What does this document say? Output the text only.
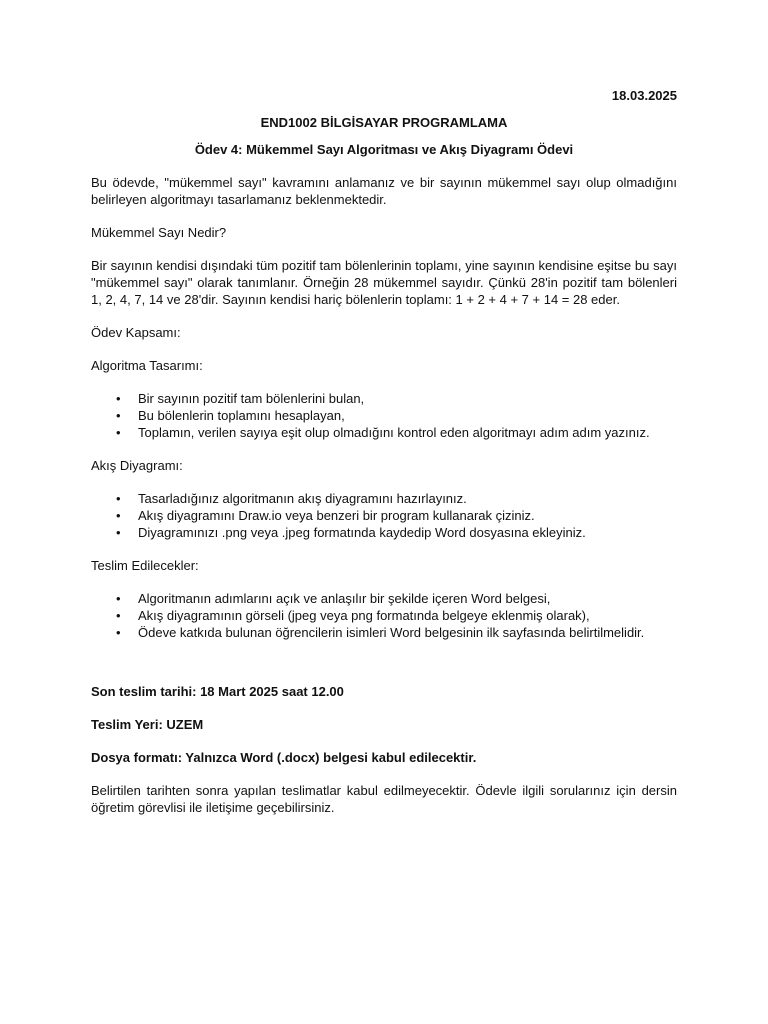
18.03.2025
END1002 BİLGİSAYAR PROGRAMLAMA
Ödev 4: Mükemmel Sayı Algoritması ve Akış Diyagramı Ödevi

Bu ödevde, "mükemmel sayı" kavramını anlamanız ve bir sayının mükemmel sayı olup olmadığını belirleyen algoritmayı tasarlamanız beklenmektedir.

Mükemmel Sayı Nedir?

Bir sayının kendisi dışındaki tüm pozitif tam bölenlerinin toplamı, yine sayının kendisine eşitse bu sayı "mükemmel sayı" olarak tanımlanır. Örneğin 28 mükemmel sayıdır. Çünkü 28'in pozitif tam bölenleri 1, 2, 4, 7, 14 ve 28'dir. Sayının kendisi hariç bölenlerin toplamı: 1 + 2 + 4 + 7 + 14 = 28 eder.

Ödev Kapsamı:
Algoritma Tasarımı:
• Bir sayının pozitif tam bölenlerini bulan,
• Bu bölenlerin toplamını hesaplayan,
• Toplamın, verilen sayıya eşit olup olmadığını kontrol eden algoritmayı adım adım yazınız.
Akış Diyagramı:
• Tasarladığınız algoritmanın akış diyagramını hazırlayınız.
• Akış diyagramını Draw.io veya benzeri bir program kullanarak çiziniz.
• Diyagramınızı .png veya .jpeg formatında kaydedip Word dosyasına ekleyiniz.
Teslim Edilecekler:
• Algoritmanın adımlarını açık ve anlaşılır bir şekilde içeren Word belgesi,
• Akış diyagramının görseli (jpeg veya png formatında belgeye eklenmiş olarak),
• Ödeve katkıda bulunan öğrencilerin isimleri Word belgesinin ilk sayfasında belirtilmelidir.
Son teslim tarihi: 18 Mart 2025 saat 12.00
Teslim Yeri: UZEM
Dosya formatı: Yalnızca Word (.docx) belgesi kabul edilecektir.

Belirtilen tarihten sonra yapılan teslimatlar kabul edilmeyecektir. Ödevle ilgili sorularınız için dersin öğretim görevlisi ile iletişime geçebilirsiniz.
